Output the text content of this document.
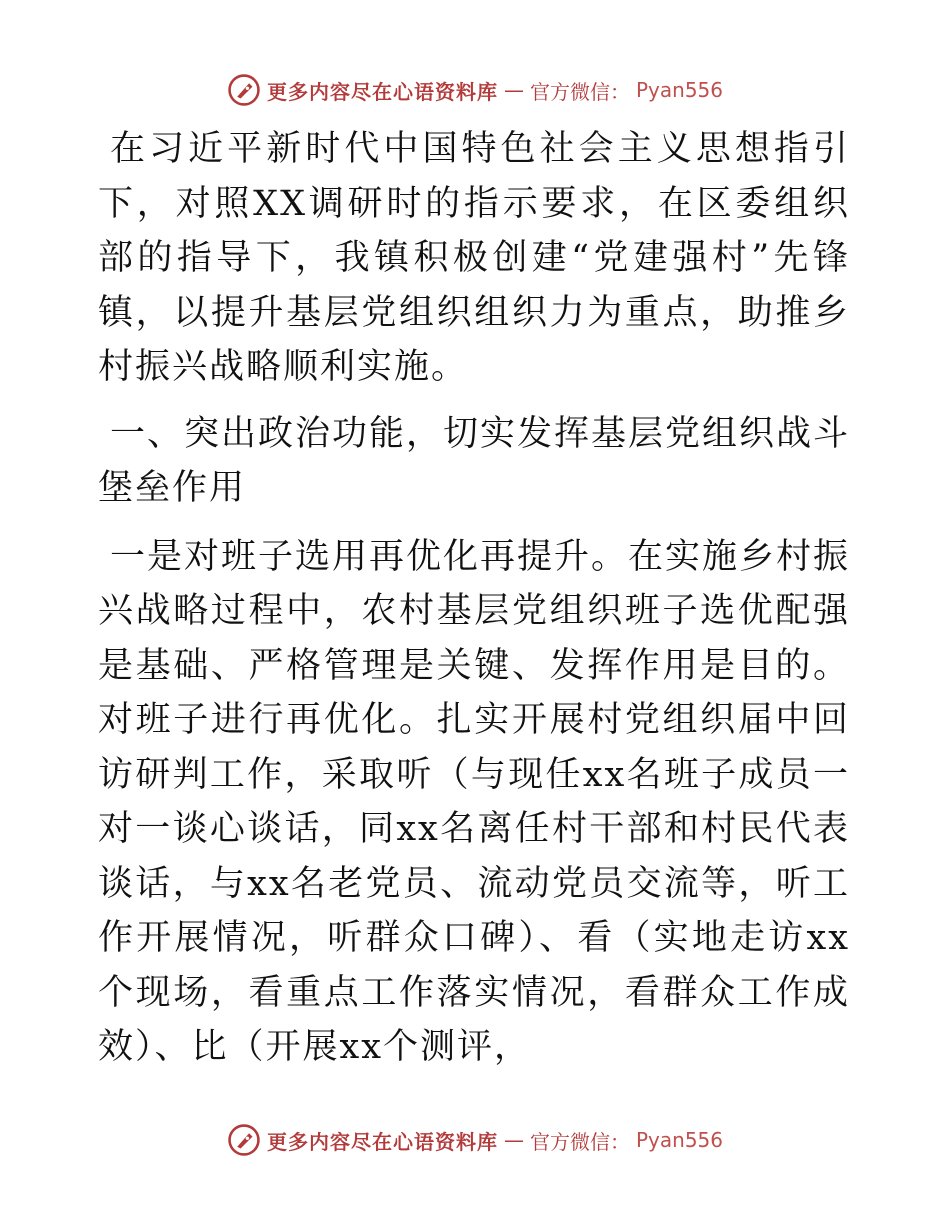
更多内容尽在心语资料库 — 官方微信： Pyan556

在习近平新时代中国特色社会主义思想指引下，对照XX调研时的指示要求，在区委组织部的指导下，我镇积极创建“党建强村”先锋镇，以提升基层党组织组织力为重点，助推乡村振兴战略顺利实施。

一、突出政治功能，切实发挥基层党组织战斗堡垒作用

一是对班子选用再优化再提升。在实施乡村振兴战略过程中，农村基层党组织班子选优配强是基础、严格管理是关键、发挥作用是目的。对班子进行再优化。扎实开展村党组织届中回访研判工作，采取听（与现任xx名班子成员一对一谈心谈话，同xx名离任村干部和村民代表谈话，与xx名老党员、流动党员交流等，听工作开展情况，听群众口碑）、看（实地走访xx个现场，看重点工作落实情况，看群众工作成效）、比（开展xx个测评，

更多内容尽在心语资料库 — 官方微信： Pyan556
